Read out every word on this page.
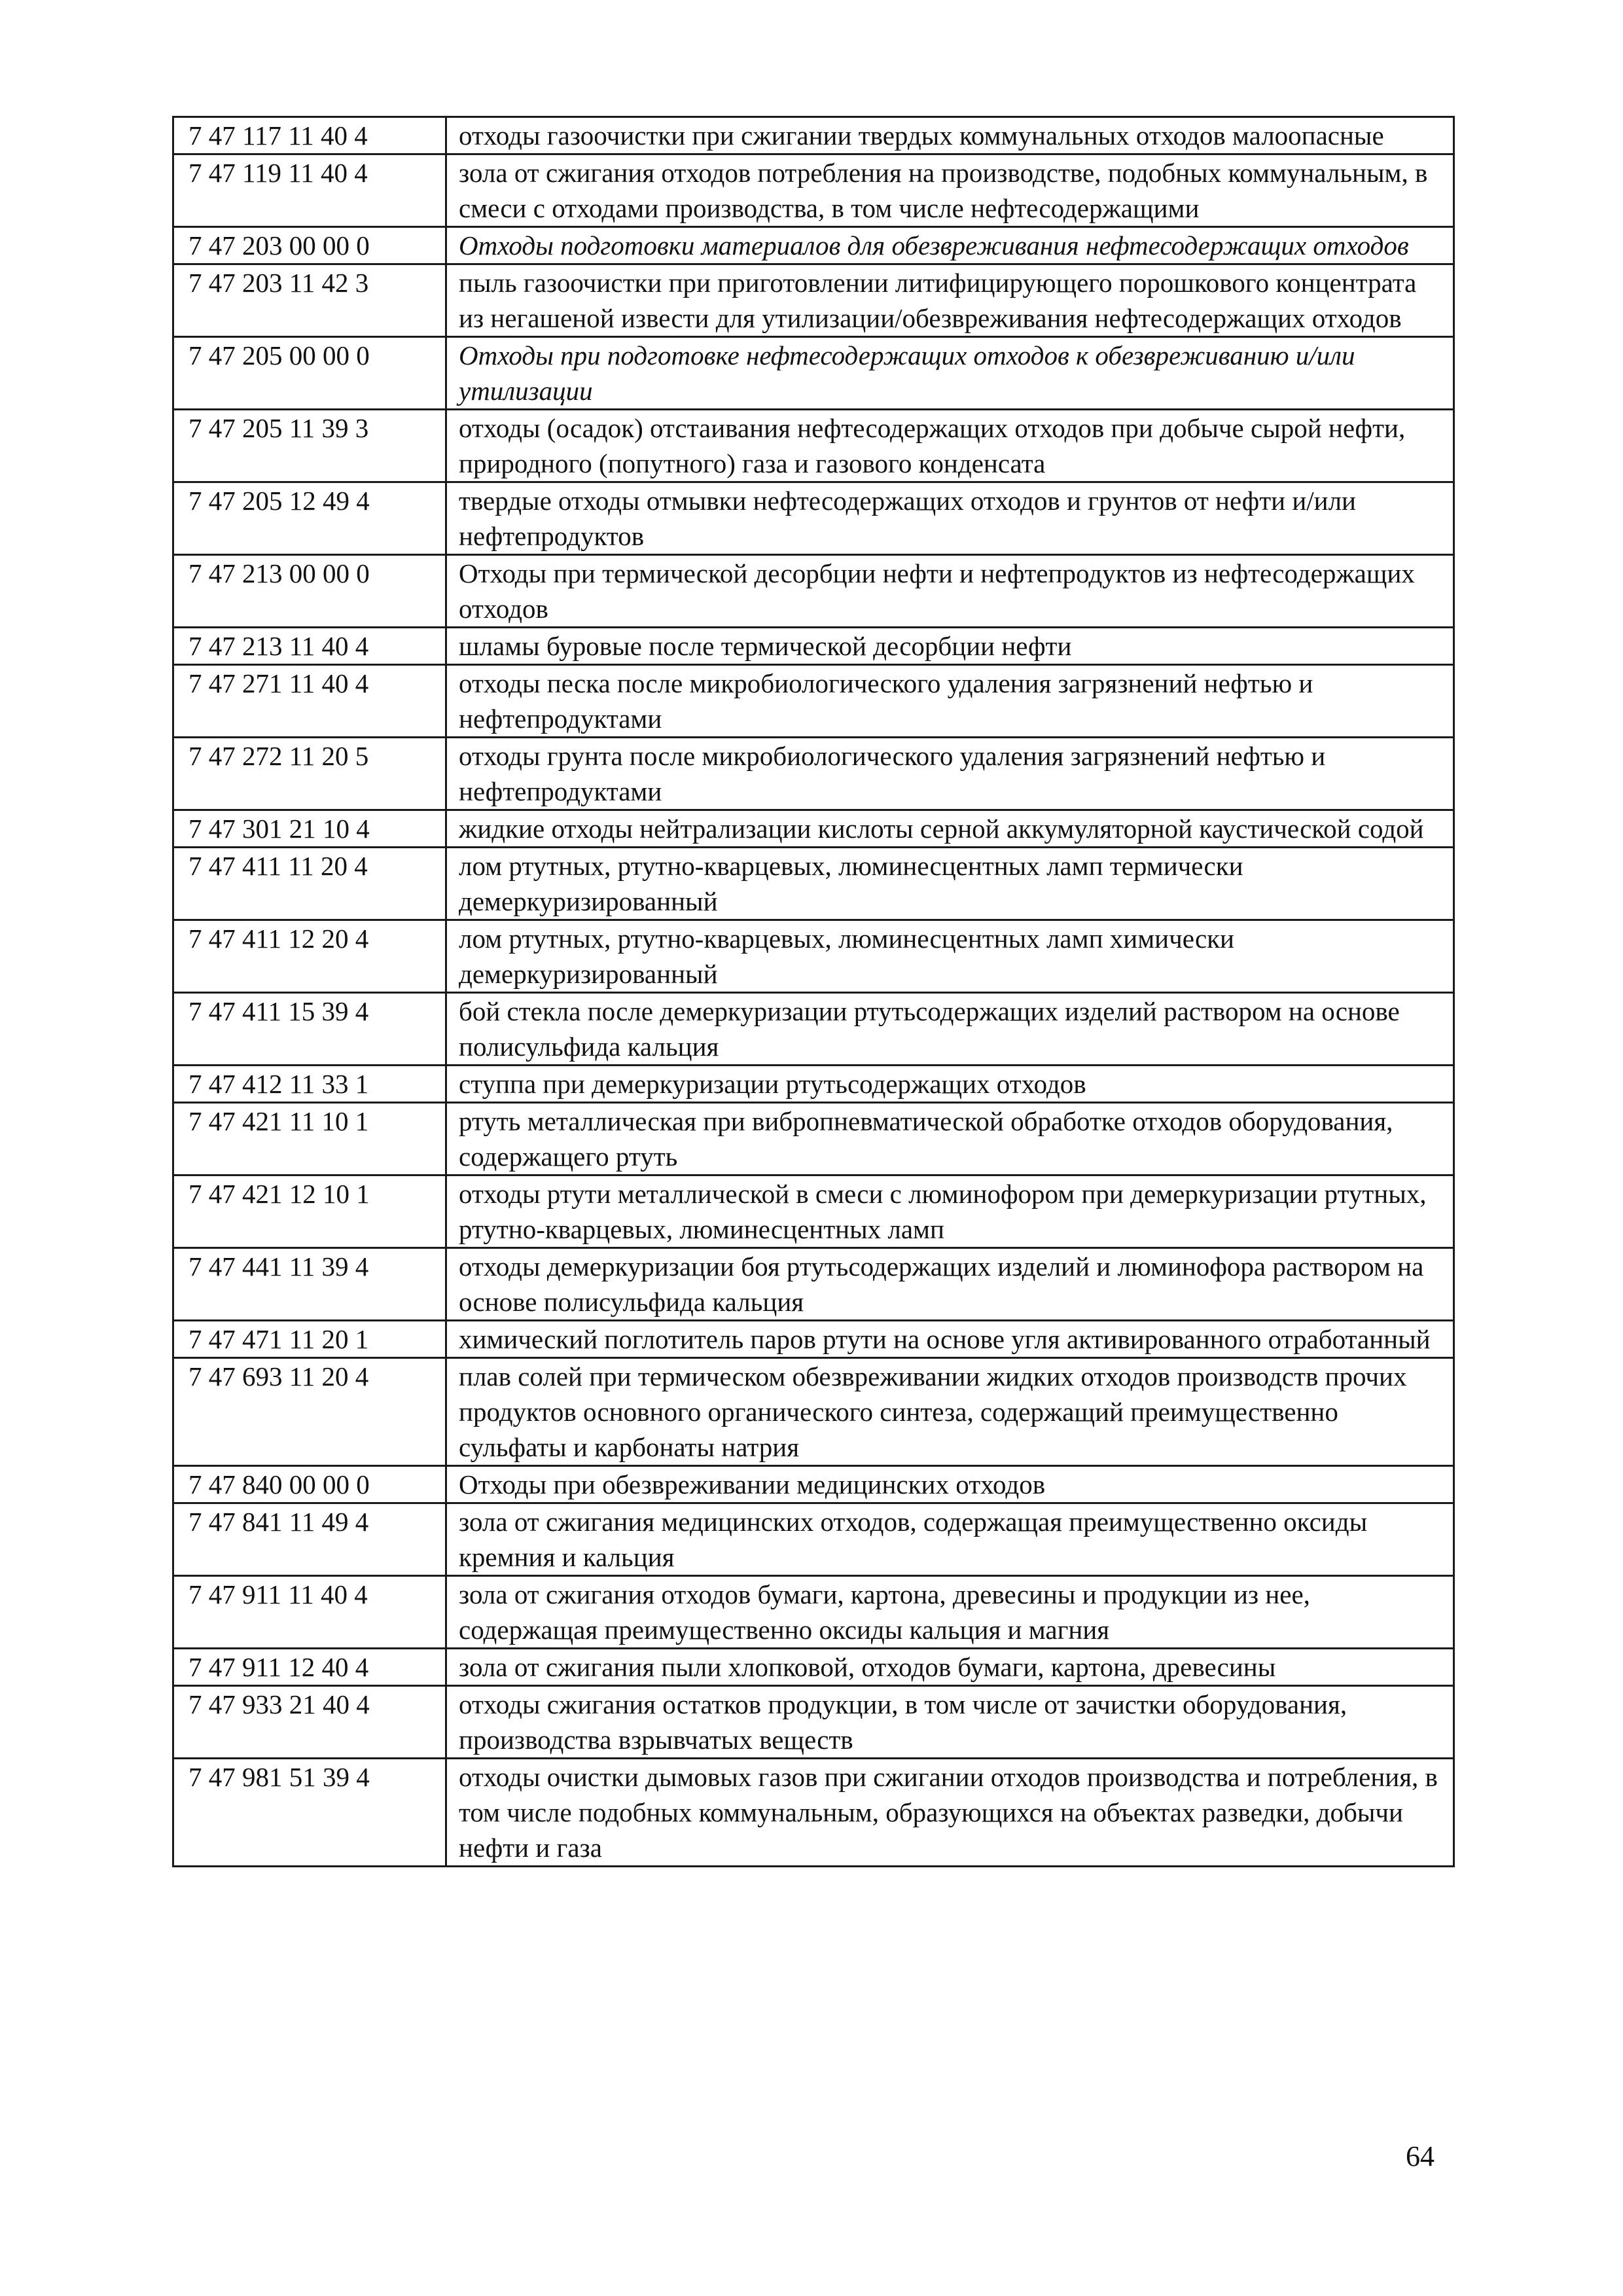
7 47 117 11 40 4	отходы газоочистки при сжигании твердых коммунальных отходов малоопасные
7 47 119 11 40 4	зола от сжигания отходов потребления на производстве, подобных коммунальным, в смеси с отходами производства, в том числе нефтесодержащими
7 47 203 00 00 0	Отходы подготовки материалов для обезвреживания нефтесодержащих отходов
7 47 203 11 42 3	пыль газоочистки при приготовлении литифицирующего порошкового концентрата из негашеной извести для утилизации/обезвреживания нефтесодержащих отходов
7 47 205 00 00 0	Отходы при подготовке нефтесодержащих отходов к обезвреживанию и/или утилизации
7 47 205 11 39 3	отходы (осадок) отстаивания нефтесодержащих отходов при добыче сырой нефти, природного (попутного) газа и газового конденсата
7 47 205 12 49 4	твердые отходы отмывки нефтесодержащих отходов и грунтов от нефти и/или нефтепродуктов
7 47 213 00 00 0	Отходы при термической десорбции нефти и нефтепродуктов из нефтесодержащих отходов
7 47 213 11 40 4	шламы буровые после термической десорбции нефти
7 47 271 11 40 4	отходы песка после микробиологического удаления загрязнений нефтью и нефтепродуктами
7 47 272 11 20 5	отходы грунта после микробиологического удаления загрязнений нефтью и нефтепродуктами
7 47 301 21 10 4	жидкие отходы нейтрализации кислоты серной аккумуляторной каустической содой
7 47 411 11 20 4	лом ртутных, ртутно-кварцевых, люминесцентных ламп термически демеркуризированный
7 47 411 12 20 4	лом ртутных, ртутно-кварцевых, люминесцентных ламп химически демеркуризированный
7 47 411 15 39 4	бой стекла после демеркуризации ртутьсодержащих изделий раствором на основе полисульфида кальция
7 47 412 11 33 1	ступпа при демеркуризации ртутьсодержащих отходов
7 47 421 11 10 1	ртуть металлическая при вибропневматической обработке отходов оборудования, содержащего ртуть
7 47 421 12 10 1	отходы ртути металлической в смеси с люминофором при демеркуризации ртутных, ртутно-кварцевых, люминесцентных ламп
7 47 441 11 39 4	отходы демеркуризации боя ртутьсодержащих изделий и люминофора раствором на основе полисульфида кальция
7 47 471 11 20 1	химический поглотитель паров ртути на основе угля активированного отработанный
7 47 693 11 20 4	плав солей при термическом обезвреживании жидких отходов производств прочих продуктов основного органического синтеза, содержащий преимущественно сульфаты и карбонаты натрия
7 47 840 00 00 0	Отходы при обезвреживании медицинских отходов
7 47 841 11 49 4	зола от сжигания медицинских отходов, содержащая преимущественно оксиды кремния и кальция
7 47 911 11 40 4	зола от сжигания отходов бумаги, картона, древесины и продукции из нее, содержащая преимущественно оксиды кальция и магния
7 47 911 12 40 4	зола от сжигания пыли хлопковой, отходов бумаги, картона, древесины
7 47 933 21 40 4	отходы сжигания остатков продукции, в том числе от зачистки оборудования, производства взрывчатых веществ
7 47 981 51 39 4	отходы очистки дымовых газов при сжигании отходов производства и потребления, в том числе подобных коммунальным, образующихся на объектах разведки, добычи нефти и газа
64
